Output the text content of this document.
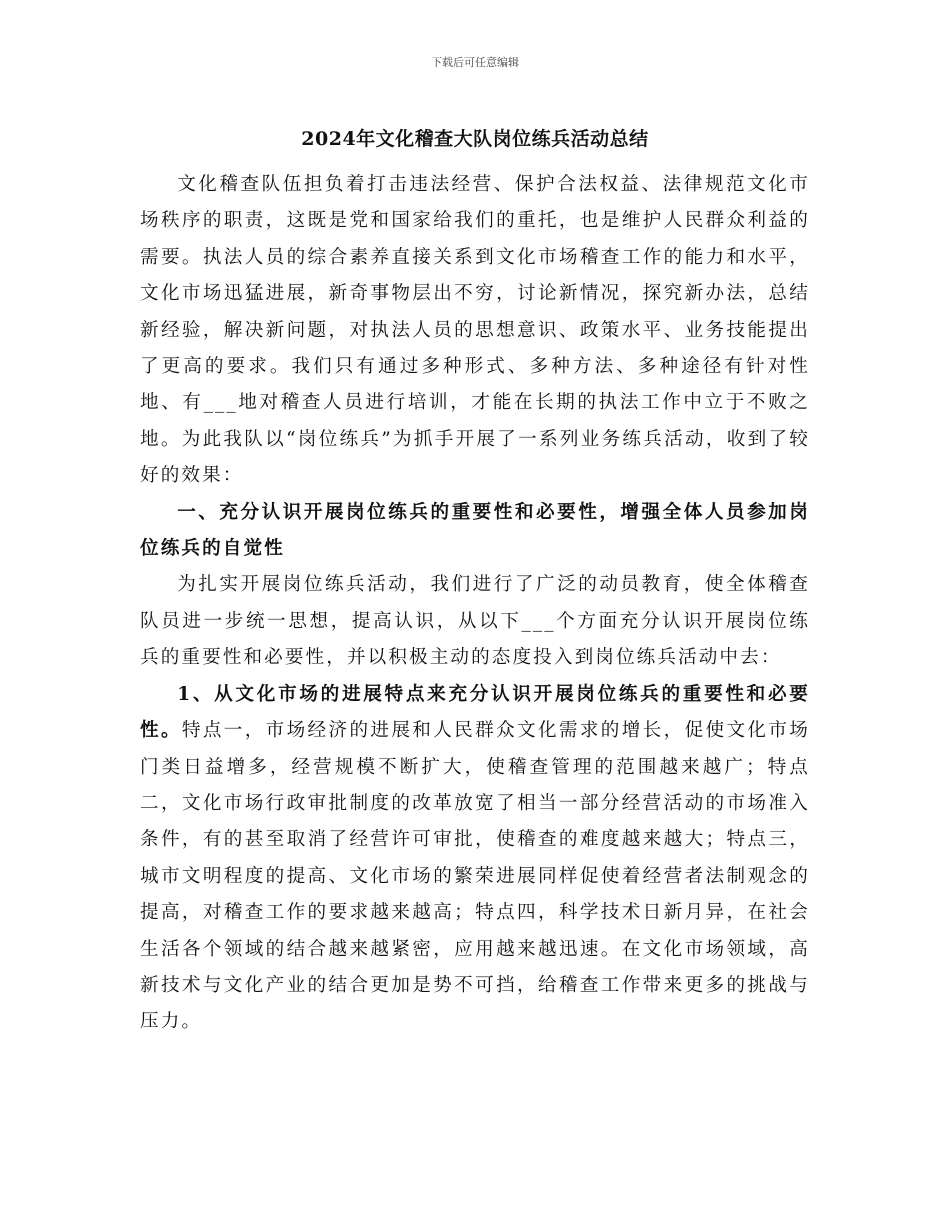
下载后可任意编辑
2024年文化稽查大队岗位练兵活动总结

文化稽查队伍担负着打击违法经营、保护合法权益、法律规范文化市场秩序的职责，这既是党和国家给我们的重托，也是维护人民群众利益的需要。执法人员的综合素养直接关系到文化市场稽查工作的能力和水平，文化市场迅猛进展，新奇事物层出不穷，讨论新情况，探究新办法，总结新经验，解决新问题，对执法人员的思想意识、政策水平、业务技能提出了更高的要求。我们只有通过多种形式、多种方法、多种途径有针对性地、有___地对稽查人员进行培训，才能在长期的执法工作中立于不败之地。为此我队以“岗位练兵”为抓手开展了一系列业务练兵活动，收到了较好的效果：

一、充分认识开展岗位练兵的重要性和必要性，增强全体人员参加岗位练兵的自觉性

为扎实开展岗位练兵活动，我们进行了广泛的动员教育，使全体稽查队员进一步统一思想，提高认识，从以下___个方面充分认识开展岗位练兵的重要性和必要性，并以积极主动的态度投入到岗位练兵活动中去：

1、从文化市场的进展特点来充分认识开展岗位练兵的重要性和必要性。特点一，市场经济的进展和人民群众文化需求的增长，促使文化市场门类日益增多，经营规模不断扩大，使稽查管理的范围越来越广；特点二，文化市场行政审批制度的改革放宽了相当一部分经营活动的市场准入条件，有的甚至取消了经营许可审批，使稽查的难度越来越大；特点三，城市文明程度的提高、文化市场的繁荣进展同样促使着经营者法制观念的提高，对稽查工作的要求越来越高；特点四，科学技术日新月异，在社会生活各个领域的结合越来越紧密，应用越来越迅速。在文化市场领域，高新技术与文化产业的结合更加是势不可挡，给稽查工作带来更多的挑战与压力。
